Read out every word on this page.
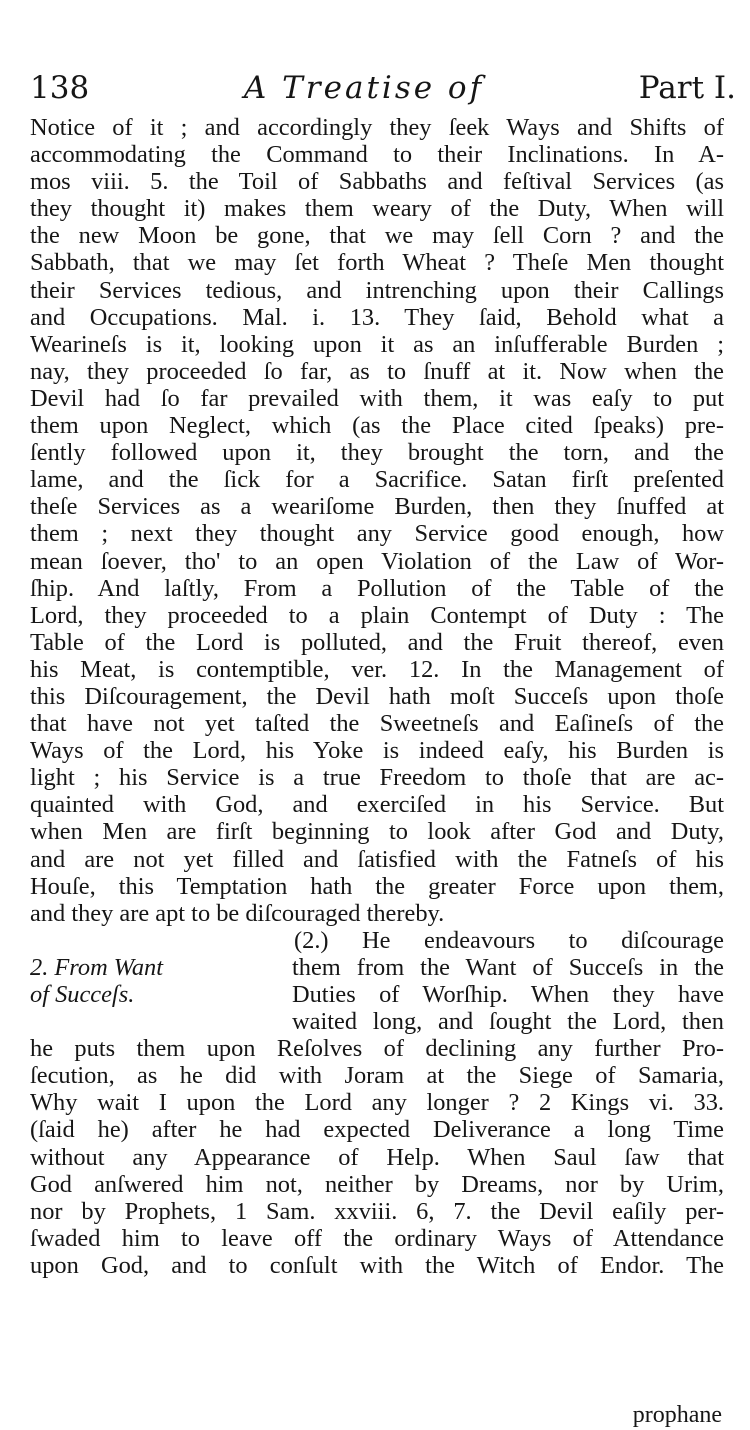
138	A Treatise of	Part I.
Notice of it ; and accordingly they ſeek Ways and Shifts of
accommodating the Command to their Inclinations. In A-
mos viii. 5. the Toil of Sabbaths and feſtival Services (as
they thought it) makes them weary of the Duty, When will
the new Moon be gone, that we may ſell Corn ? and the
Sabbath, that we may ſet forth Wheat ? Theſe Men thought
their Services tedious, and intrenching upon their Callings
and Occupations. Mal. i. 13. They ſaid, Behold what a
Wearineſs is it, looking upon it as an inſufferable Burden ;
nay, they proceeded ſo far, as to ſnuff at it. Now when the
Devil had ſo far prevailed with them, it was eaſy to put
them upon Neglect, which (as the Place cited ſpeaks) pre-
ſently followed upon it, they brought the torn, and the
lame, and the ſick for a Sacrifice. Satan firſt preſented
theſe Services as a weariſome Burden, then they ſnuffed at
them ; next they thought any Service good enough, how
mean ſoever, tho' to an open Violation of the Law of Wor-
ſhip. And laſtly, From a Pollution of the Table of the
Lord, they proceeded to a plain Contempt of Duty : The
Table of the Lord is polluted, and the Fruit thereof, even
his Meat, is contemptible, ver. 12. In the Management of
this Diſcouragement, the Devil hath moſt Succeſs upon thoſe
that have not yet taſted the Sweetneſs and Eaſineſs of the
Ways of the Lord, his Yoke is indeed eaſy, his Burden is
light ; his Service is a true Freedom to thoſe that are ac-
quainted with God, and exerciſed in his Service. But
when Men are firſt beginning to look after God and Duty,
and are not yet filled and ſatisfied with the Fatneſs of his
Houſe, this Temptation hath the greater Force upon them,
and they are apt to be diſcouraged thereby.
(2.) He endeavours to diſcourage
2. From Want	them from the Want of Succeſs in the
of Succeſs.	Duties of Worſhip. When they have
waited long, and ſought the Lord, then
he puts them upon Reſolves of declining any further Pro-
ſecution, as he did with Joram at the Siege of Samaria,
Why wait I upon the Lord any longer ? 2 Kings vi. 33.
(ſaid he) after he had expected Deliverance a long Time
without any Appearance of Help. When Saul ſaw that
God anſwered him not, neither by Dreams, nor by Urim,
nor by Prophets, 1 Sam. xxviii. 6, 7. the Devil eaſily per-
ſwaded him to leave off the ordinary Ways of Attendance
upon God, and to conſult with the Witch of Endor. The
prophane
